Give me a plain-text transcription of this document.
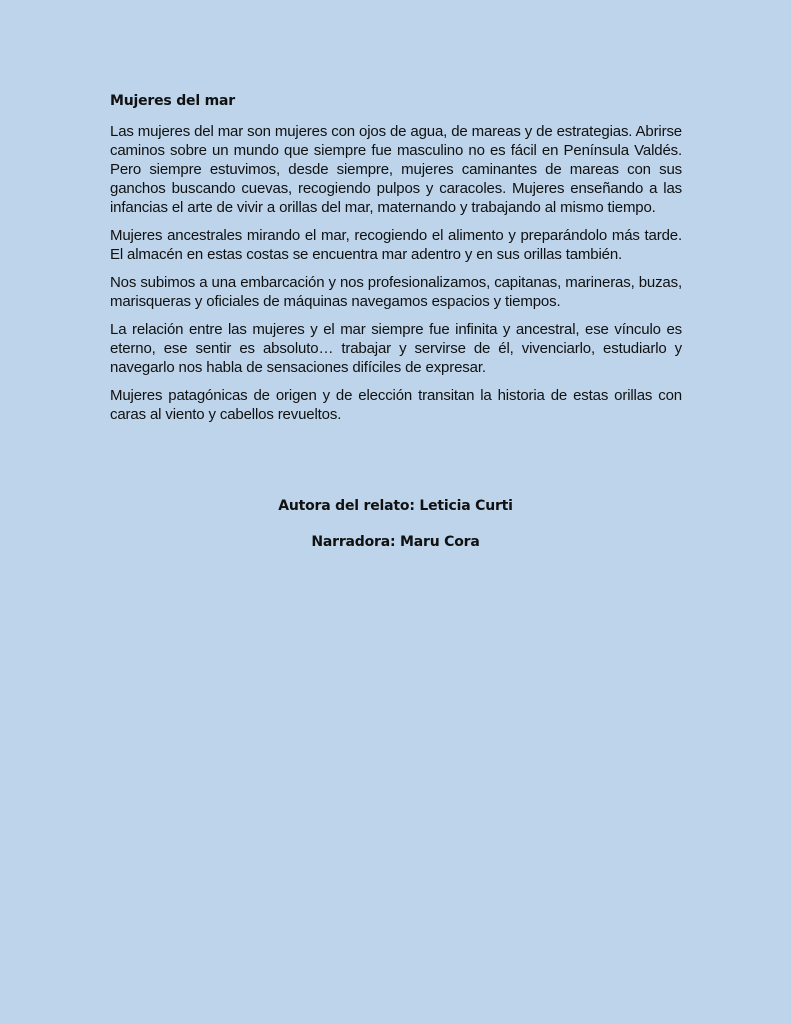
Mujeres del mar

Las mujeres del mar son mujeres con ojos de agua, de mareas y de estrategias. Abrirse caminos sobre un mundo que siempre fue masculino no es fácil en Península Valdés. Pero siempre estuvimos, desde siempre, mujeres caminantes de mareas con sus ganchos buscando cuevas, recogiendo pulpos y caracoles. Mujeres enseñando a las infancias el arte de vivir a orillas del mar, maternando y trabajando al mismo tiempo.

Mujeres ancestrales mirando el mar, recogiendo el alimento y preparándolo más tarde. El almacén en estas costas se encuentra mar adentro y en sus orillas también.

Nos subimos a una embarcación y nos profesionalizamos, capitanas, marineras, buzas, marisqueras y oficiales de máquinas navegamos espacios y tiempos.

La relación entre las mujeres y el mar siempre fue infinita y ancestral, ese vínculo es eterno, ese sentir es absoluto… trabajar y servirse de él, vivenciarlo, estudiarlo y navegarlo nos habla de sensaciones difíciles de expresar.

Mujeres patagónicas de origen y de elección transitan la historia de estas orillas con caras al viento y cabellos revueltos.

Autora del relato: Leticia Curti
Narradora: Maru Cora
